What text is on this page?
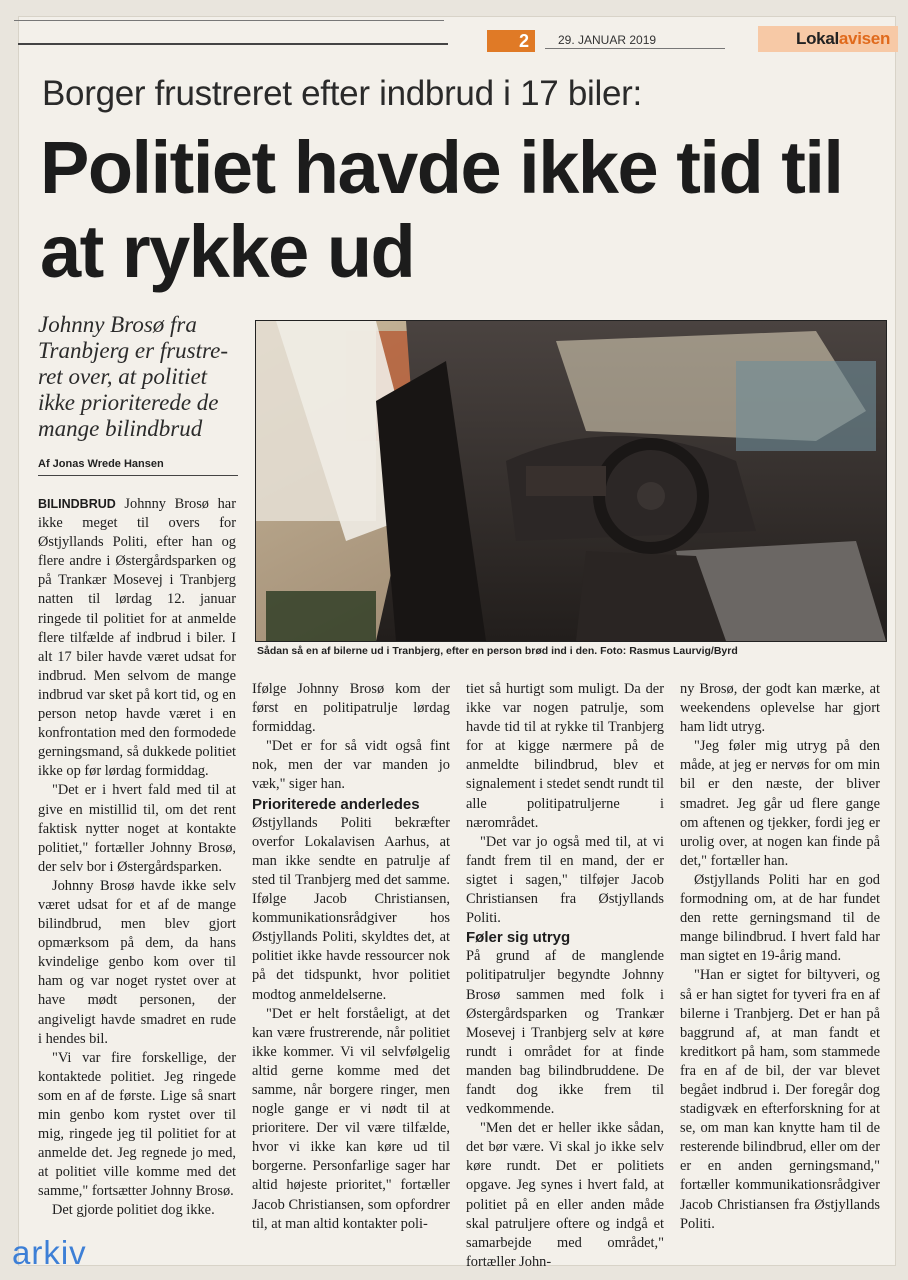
2	29. JANUAR 2019	Lokalavisen
Borger frustreret efter indbrud i 17 biler:
Politiet havde ikke tid til at rykke ud
Johnny Brosø fra Tranbjerg er frustreret over, at politiet ikke prioriterede de mange bilindbrud
Af Jonas Wrede Hansen
Sådan så en af bilerne ud i Tranbjerg, efter en person brød ind i den. Foto: Rasmus Laurvig/Byrd

BILINDBRUD Johnny Brosø har ikke meget til overs for Østjyllands Politi, efter han og flere andre i Østergårdsparken og på Trankær Mosevej i Tranbjerg natten til lørdag 12. januar ringede til politiet for at anmelde flere tilfælde af indbrud i biler. I alt 17 biler havde været udsat for indbrud. Men selvom de mange indbrud var sket på kort tid, og en person netop havde været i en konfrontation med den formodede gerningsmand, så dukkede politiet ikke op før lørdag formiddag.

"Det er i hvert fald med til at give en mistillid til, om det rent faktisk nytter noget at kontakte politiet," fortæller Johnny Brosø, der selv bor i Østergårdsparken.

Johnny Brosø havde ikke selv været udsat for et af de mange bilindbrud, men blev gjort opmærksom på dem, da hans kvindelige genbo kom over til ham og var noget rystet over at have mødt personen, der angiveligt havde smadret en rude i hendes bil.

"Vi var fire forskellige, der kontaktede politiet. Jeg ringede som en af de første. Lige så snart min genbo kom rystet over til mig, ringede jeg til politiet for at anmelde det. Jeg regnede jo med, at politiet ville komme med det samme," fortsætter Johnny Brosø.

Det gjorde politiet dog ikke.

Ifølge Johnny Brosø kom der først en politipatrulje lørdag formiddag.

"Det er for så vidt også fint nok, men der var manden jo væk," siger han.

Prioriterede anderledes

Østjyllands Politi bekræfter overfor Lokalavisen Aarhus, at man ikke sendte en patrulje af sted til Tranbjerg med det samme. Ifølge Jacob Christiansen, kommunikationsrådgiver hos Østjyllands Politi, skyldtes det, at politiet ikke havde ressourcer nok på det tidspunkt, hvor politiet modtog anmeldelserne.

"Det er helt forståeligt, at det kan være frustrerende, når politiet ikke kommer. Vi vil selvfølgelig altid gerne komme med det samme, når borgere ringer, men nogle gange er vi nødt til at prioritere. Der vil være tilfælde, hvor vi ikke kan køre ud til borgerne. Personfarlige sager har altid højeste prioritet," fortæller Jacob Christiansen, som opfordrer til, at man altid kontakter poli-

tiet så hurtigt som muligt. Da der ikke var nogen patrulje, som havde tid til at rykke til Tranbjerg for at kigge nærmere på de anmeldte bilindbrud, blev et signalement i stedet sendt rundt til alle politipatruljerne i nærområdet.

"Det var jo også med til, at vi fandt frem til en mand, der er sigtet i sagen," tilføjer Jacob Christiansen fra Østjyllands Politi.

Føler sig utryg

På grund af de manglende politipatruljer begyndte Johnny Brosø sammen med folk i Østergårdsparken og Trankær Mosevej i Tranbjerg selv at køre rundt i området for at finde manden bag bilindbruddene. De fandt dog ikke frem til vedkommende.

"Men det er heller ikke sådan, det bør være. Vi skal jo ikke selv køre rundt. Det er politiets opgave. Jeg synes i hvert fald, at politiet på en eller anden måde skal patruljere oftere og indgå et samarbejde med området," fortæller John-

ny Brosø, der godt kan mærke, at weekendens oplevelse har gjort ham lidt utryg.

"Jeg føler mig utryg på den måde, at jeg er nervøs for om min bil er den næste, der bliver smadret. Jeg går ud flere gange om aftenen og tjekker, fordi jeg er urolig over, at nogen kan finde på det," fortæller han.

Østjyllands Politi har en god formodning om, at de har fundet den rette gerningsmand til de mange bilindbrud. I hvert fald har man sigtet en 19-årig mand.

"Han er sigtet for biltyveri, og så er han sigtet for tyveri fra en af bilerne i Tranbjerg. Det er han på baggrund af, at man fandt et kreditkort på ham, som stammede fra en af de bil, der var blevet begået indbrud i. Der foregår dog stadigvæk en efterforskning for at se, om man kan knytte ham til de resterende bilindbrud, eller om der er en anden gerningsmand," fortæller kommunikationsrådgiver Jacob Christiansen fra Østjyllands Politi.

arkiv
